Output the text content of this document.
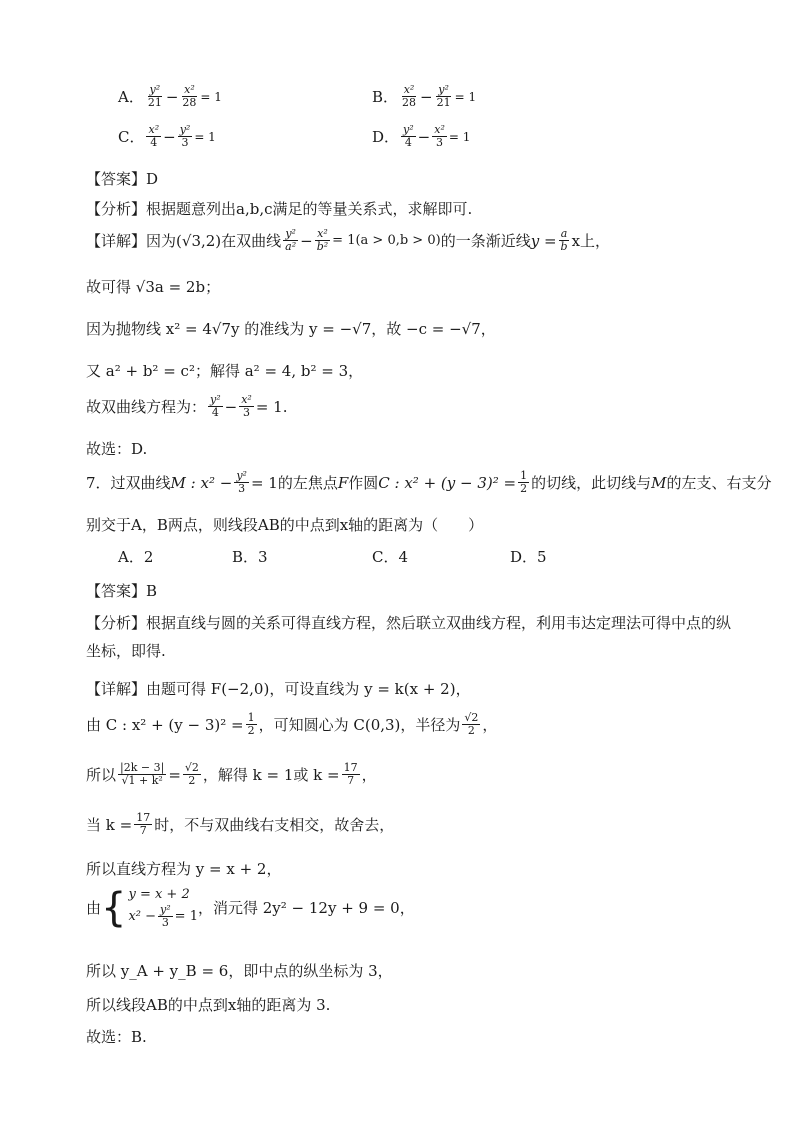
A． $\frac{\text{y²}}{21} - \frac{\text{x²}}{28} = 1$	B． $\frac{\text{x²}}{28} - \frac{\text{y²}}{21} = 1$
C． $\frac{\text{x²}}{4} - \frac{\text{y²}}{3} = 1$	D． $\frac{\text{y²}}{4} - \frac{\text{x²}}{3} = 1$
【答案】D
【分析】根据题意列出a,b,c满足的等量关系式，求解即可.
【详解】 因为 (√3,2) 在双曲线 $\frac{\text{y²}}{\text{a²}} - \frac{\text{x²}}{\text{b²}} = 1(a > 0,b > 0)$ 的一条渐近线 $y = \frac{a}{b}$ x上，
故可得 √3a = 2b；
因为抛物线 x² = 4√7y 的准线为 y = −√7，故 −c = −√7，
又 a² + b² = c²；解得 a² = 4, b² = 3，
故双曲线方程为： $\frac{\text{y²}}{4} - \frac{\text{x²}}{3} = 1$.
故选：D.
7．过双曲线 M : $x^2 - \frac{\text{y²}}{3} = 1$的左焦点 F 作圆 C : $x^2 + (y - 3)^2 = \frac{1}{2}$ 的切线，此切线与 M 的左支、右支分
别交于A，B两点，则线段AB的中点到x轴的距离为（　　）
A．2	B．3	C．4	D．5
【答案】B
【分析】根据直线与圆的关系可得直线方程，然后联立双曲线方程，利用韦达定理法可得中点的纵
坐标，即得.
【详解】由题可得 F(−2,0)，可设直线为 y = k(x + 2)，
由 C : $x^2 + (y - 3)^2 = \frac{1}{2}$ ，可知圆心为 C(0,3)，半径为 $\frac{√2}{2}$ ，
所以 $\frac{|2k - 3|}{\text{√1 + k²}} = \frac{√2}{2}$ ，解得 k = 1或 $k = \frac{17}{7}$ ，
当 $k = \frac{17}{7}$ 时，不与双曲线右支相交，故舍去，
所以直线方程为 y = x + 2，
由 { y = x + 2
$x^2 - \frac{\text{y²}}{3} = 1$ ，消元得 2y² − 12y + 9 = 0，
所以 y_A + y_B = 6，即中点的纵坐标为 3，
所以线段AB的中点到x轴的距离为 3.
故选：B.
